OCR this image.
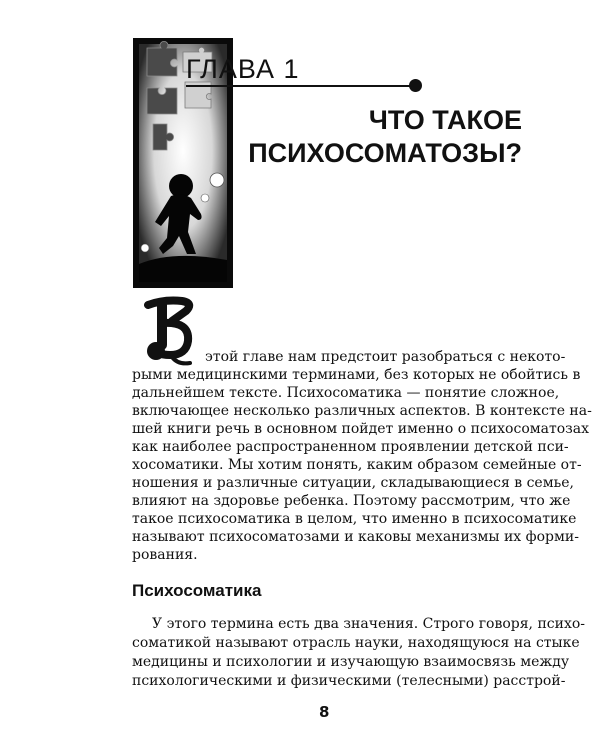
ГЛАВА 1
ЧТО ТАКОЕ
ПСИХОСОМАТОЗЫ?
этой главе нам предстоит разобраться с некото-
рыми медицинскими терминами, без которых не обойтись в
дальнейшем тексте. Психосоматика — понятие сложное,
включающее несколько различных аспектов. В контексте на-
шей книги речь в основном пойдет именно о психосоматозах
как наиболее распространенном проявлении детской пси-
хосоматики. Мы хотим понять, каким образом семейные от-
ношения и различные ситуации, складывающиеся в семье,
влияют на здоровье ребенка. Поэтому рассмотрим, что же
такое психосоматика в целом, что именно в психосоматике
называют психосоматозами и каковы механизмы их форми-
рования.
Психосоматика
У этого термина есть два значения. Строго говоря, психо-
соматикой называют отрасль науки, находящуюся на стыке
медицины и психологии и изучающую взаимосвязь между
психологическими и физическими (телесными) расстрой-
8
